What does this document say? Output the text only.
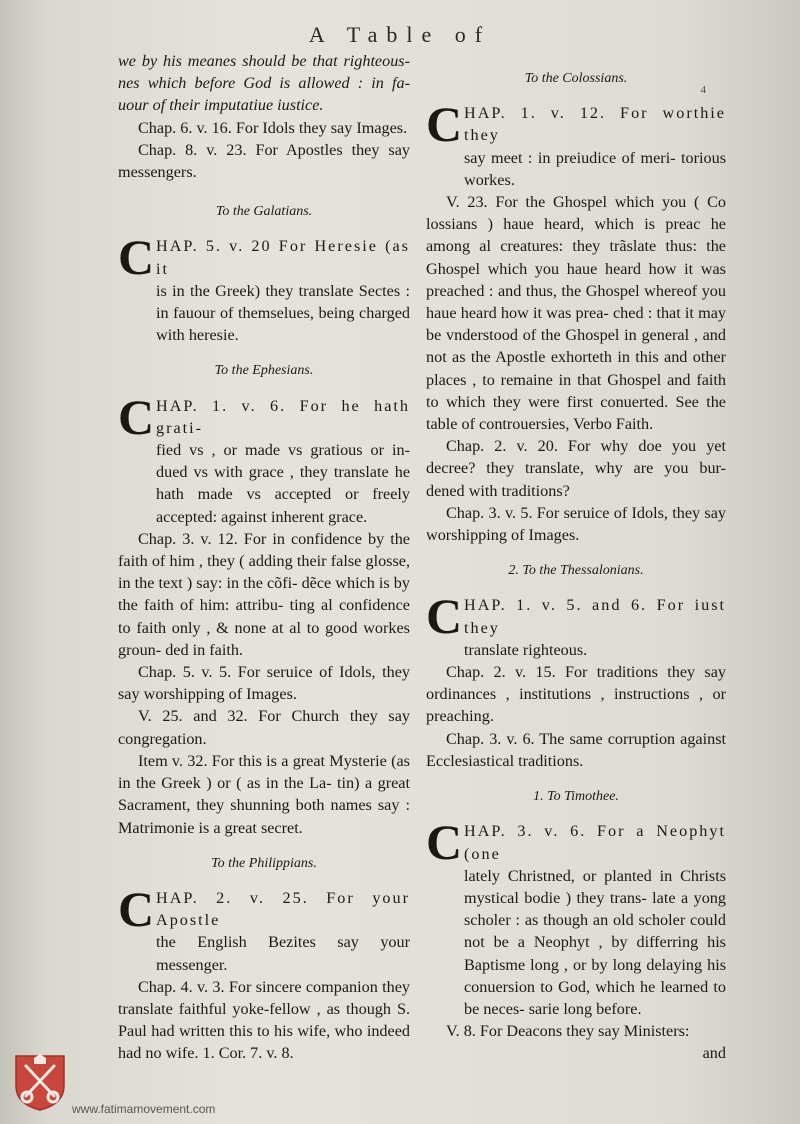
A Table of
4

we by his meanes should be that righteous- nes which before God is allowed : in fa- uour of their imputatiue iustice.

Chap. 6. v. 16. For Idols they say Images.

Chap. 8. v. 23. For Apostles they say messengers.

To the Galatians.
C HAP. 5. v. 20 For Heresie (as it

is in the Greek) they translate Sectes : in fauour of themselues, being charged with heresie.

To the Ephesians.
C HAP. 1. v. 6. For he hath grati-

fied vs , or made vs gratious or in- dued vs with grace , they translate he hath made vs accepted or freely accepted: against inherent grace.

Chap. 3. v. 12. For in confidence by the faith of him , they ( adding their false glosse, in the text ) say: in the cõfi- dẽce which is by the faith of him: attribu- ting al confidence to faith only , & none at al to good workes groun- ded in faith.

Chap. 5. v. 5. For seruice of Idols, they say worshipping of Images.

V. 25. and 32. For Church they say congregation.

Item v. 32. For this is a great Mysterie (as in the Greek ) or ( as in the La- tin) a great Sacrament, they shunning both names say : Matrimonie is a great secret.

To the Philippians.
C HAP. 2. v. 25. For your Apostle

the English Bezites say your messenger.

Chap. 4. v. 3. For sincere companion they translate faithful yoke-fellow , as though S. Paul had written this to his wife, who indeed had no wife. 1. Cor. 7. v. 8.

To the Colossians.
C HAP. 1. v. 12. For worthie they

say meet : in preiudice of meri- torious workes.

V. 23. For the Ghospel which you ( Co lossians ) haue heard, which is preac he among al creatures: they trãslate thus: the Ghospel which you haue heard how it was preached : and thus, the Ghospel whereof you haue heard how it was prea- ched : that it may be vnderstood of the Ghospel in general , and not as the Apostle exhorteth in this and other places , to remaine in that Ghospel and faith to which they were first conuerted. See the table of controuersies, Verbo Faith.

Chap. 2. v. 20. For why doe you yet decree? they translate, why are you bur- dened with traditions?

Chap. 3. v. 5. For seruice of Idols, they say worshipping of Images.

2. To the Thessalonians.
C HAP. 1. v. 5. and 6. For iust they

translate righteous.

Chap. 2. v. 15. For traditions they say ordinances , institutions , instructions , or preaching.

Chap. 3. v. 6. The same corruption against Ecclesiastical traditions.

1. To Timothee.
C HAP. 3. v. 6. For a Neophyt (one

lately Christned, or planted in Christs mystical bodie ) they trans- late a yong scholer : as though an old scholer could not be a Neophyt , by differring his Baptisme long , or by long delaying his conuersion to God, which he learned to be neces- sarie long before.

V. 8. For Deacons they say Ministers:

and

www.fatimamovement.com
